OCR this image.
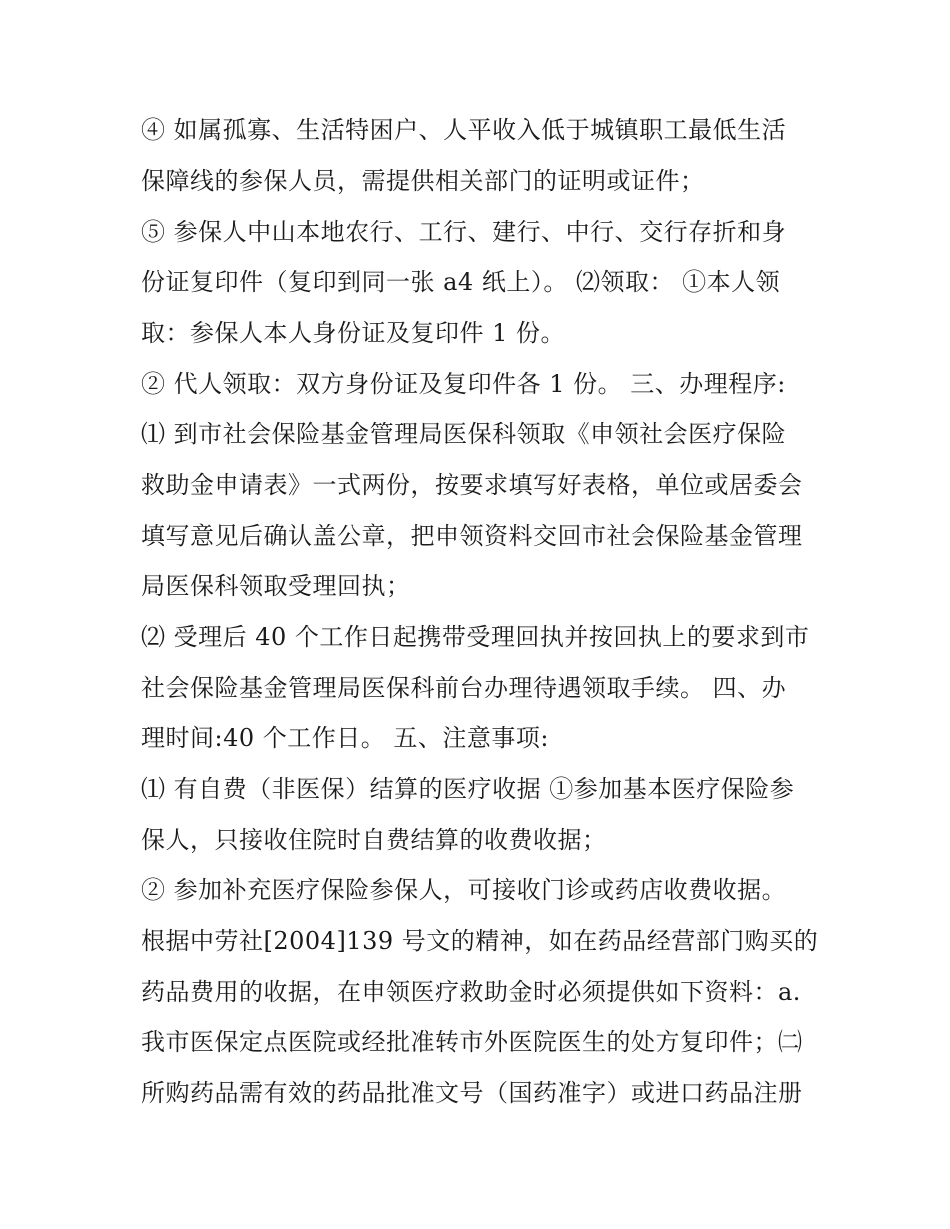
④ 如属孤寡、生活特困户、人平收入低于城镇职工最低生活
保障线的参保人员，需提供相关部门的证明或证件；
⑤ 参保人中山本地农行、工行、建行、中行、交行存折和身
份证复印件（复印到同一张 a4 纸上）。 ⑵领取： ①本人领
取：参保人本人身份证及复印件 1 份。
② 代人领取：双方身份证及复印件各 1 份。 三、办理程序:
⑴ 到市社会保险基金管理局医保科领取《申领社会医疗保险
救助金申请表》一式两份，按要求填写好表格，单位或居委会
填写意见后确认盖公章，把申领资料交回市社会保险基金管理
局医保科领取受理回执；
⑵ 受理后 40 个工作日起携带受理回执并按回执上的要求到市
社会保险基金管理局医保科前台办理待遇领取手续。 四、办
理时间:40 个工作日。 五、注意事项:
⑴ 有自费（非医保）结算的医疗收据 ①参加基本医疗保险参
保人，只接收住院时自费结算的收费收据；
② 参加补充医疗保险参保人，可接收门诊或药店收费收据。
根据中劳社[2004]139 号文的精神，如在药品经营部门购买的
药品费用的收据，在申领医疗救助金时必须提供如下资料：a.
我市医保定点医院或经批准转市外医院医生的处方复印件；㈡
所购药品需有效的药品批准文号（国药准字）或进口药品注册
